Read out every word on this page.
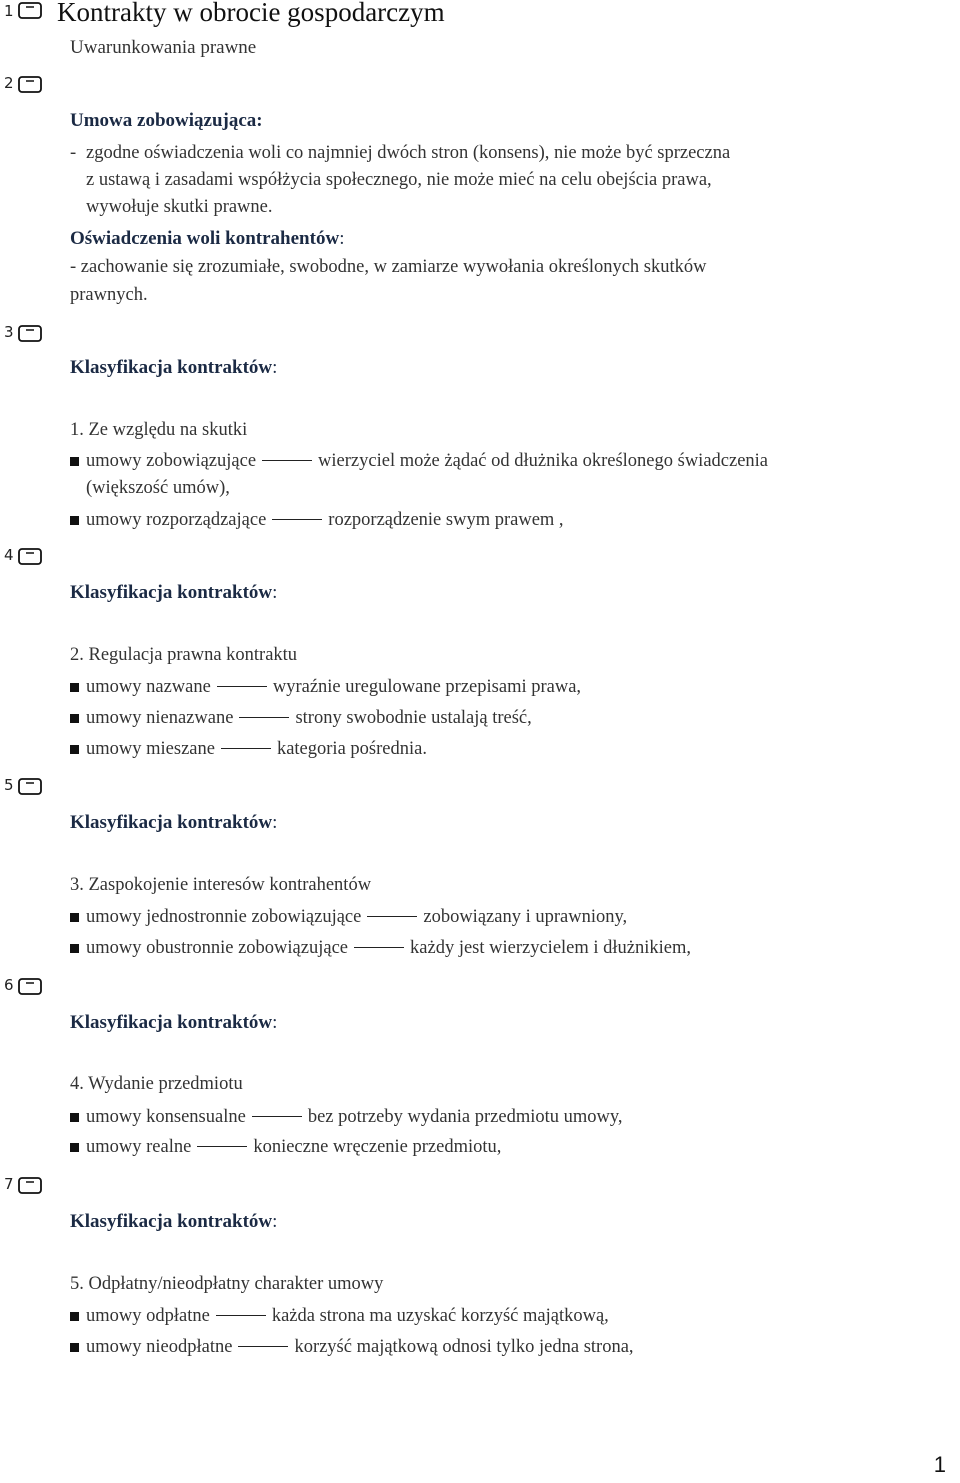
1
2
3
4
5
6
7
Kontrakty w obrocie gospodarczym
Uwarunkowania prawne
Umowa zobowiązująca:
- zgodne oświadczenia woli co najmniej dwóch stron (konsens), nie może być sprzeczna
z ustawą i zasadami współżycia społecznego, nie może mieć na celu obejścia prawa,
wywołuje skutki prawne.
Oświadczenia woli kontrahentów:
- zachowanie się zrozumiałe, swobodne, w zamiarze wywołania określonych skutków
prawnych.
Klasyfikacja kontraktów:
1. Ze względu na skutki
umowy zobowiązujące	wierzyciel może żądać od dłużnika określonego świadczenia
(większość umów),
umowy rozporządzające	rozporządzenie swym prawem ,
Klasyfikacja kontraktów:
2. Regulacja prawna kontraktu
umowy nazwane	wyraźnie uregulowane przepisami prawa,
umowy nienazwane	strony swobodnie ustalają treść,
umowy mieszane	kategoria pośrednia.
Klasyfikacja kontraktów:
3. Zaspokojenie interesów kontrahentów
umowy jednostronnie zobowiązujące	zobowiązany i uprawniony,
umowy obustronnie zobowiązujące	każdy jest wierzycielem i dłużnikiem,
Klasyfikacja kontraktów:
4. Wydanie przedmiotu
umowy konsensualne	bez potrzeby wydania przedmiotu umowy,
umowy realne	konieczne wręczenie przedmiotu,
Klasyfikacja kontraktów:
5. Odpłatny/nieodpłatny charakter umowy
umowy odpłatne	każda strona ma uzyskać korzyść majątkową,
umowy nieodpłatne	korzyść majątkową odnosi tylko jedna strona,
1
